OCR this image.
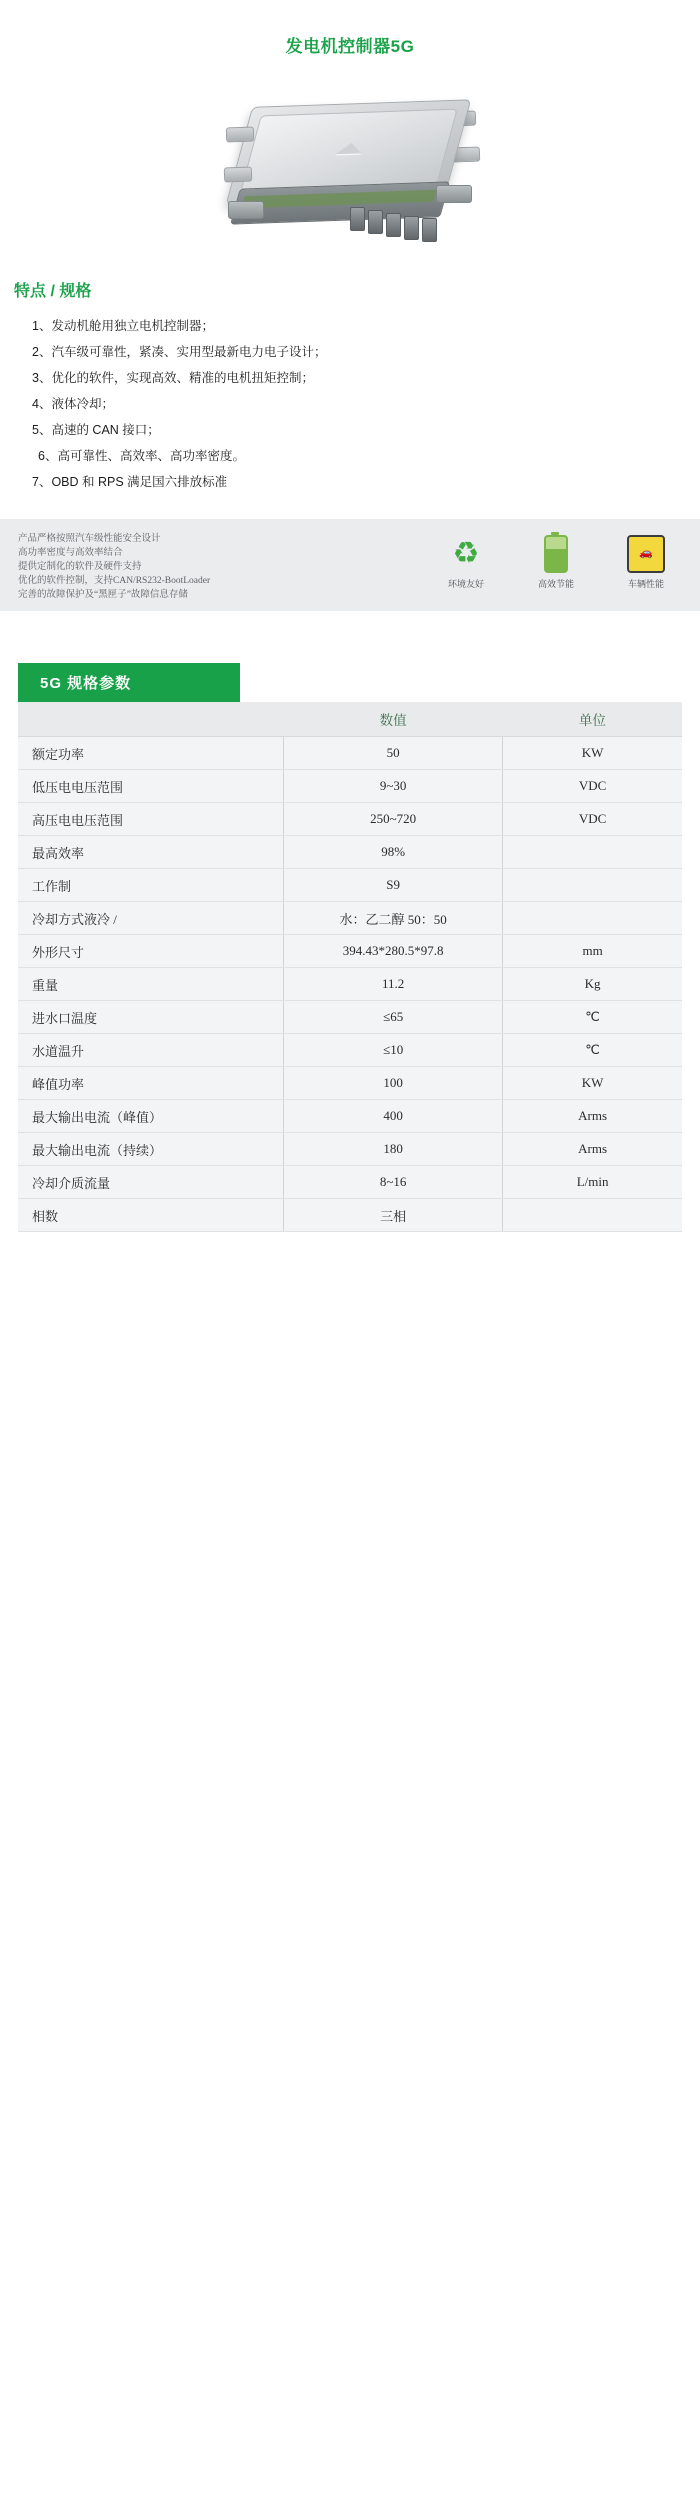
发电机控制器5G
特点 / 规格
1、发动机舱用独立电机控制器；
2、汽车级可靠性，紧凑、实用型最新电力电子设计；
3、优化的软件，实现高效、精准的电机扭矩控制；
4、液体冷却；
5、高速的 CAN 接口；
6、高可靠性、高效率、高功率密度。
7、OBD 和 RPS 满足国六排放标准
产品严格按照汽车级性能安全设计
高功率密度与高效率结合
提供定制化的软件及硬件支持
优化的软件控制，支持CAN/RS232-BootLoader
完善的故障保护及“黑匣子”故障信息存储
♻
环境友好	高效节能
🚗
车辆性能
5G 规格参数
	数值	单位
额定功率	50	KW
低压电电压范围	9~30	VDC
高压电电压范围	250~720	VDC
最高效率	98%	
工作制	S9	
冷却方式液冷 /	水：乙二醇 50：50	
外形尺寸	394.43*280.5*97.8	mm
重量	11.2	Kg
进水口温度	≤65	℃
水道温升	≤10	℃
峰值功率	100	KW
最大输出电流（峰值）	400	Arms
最大输出电流（持续）	180	Arms
冷却介质流量	8~16	L/min
相数	三相	
